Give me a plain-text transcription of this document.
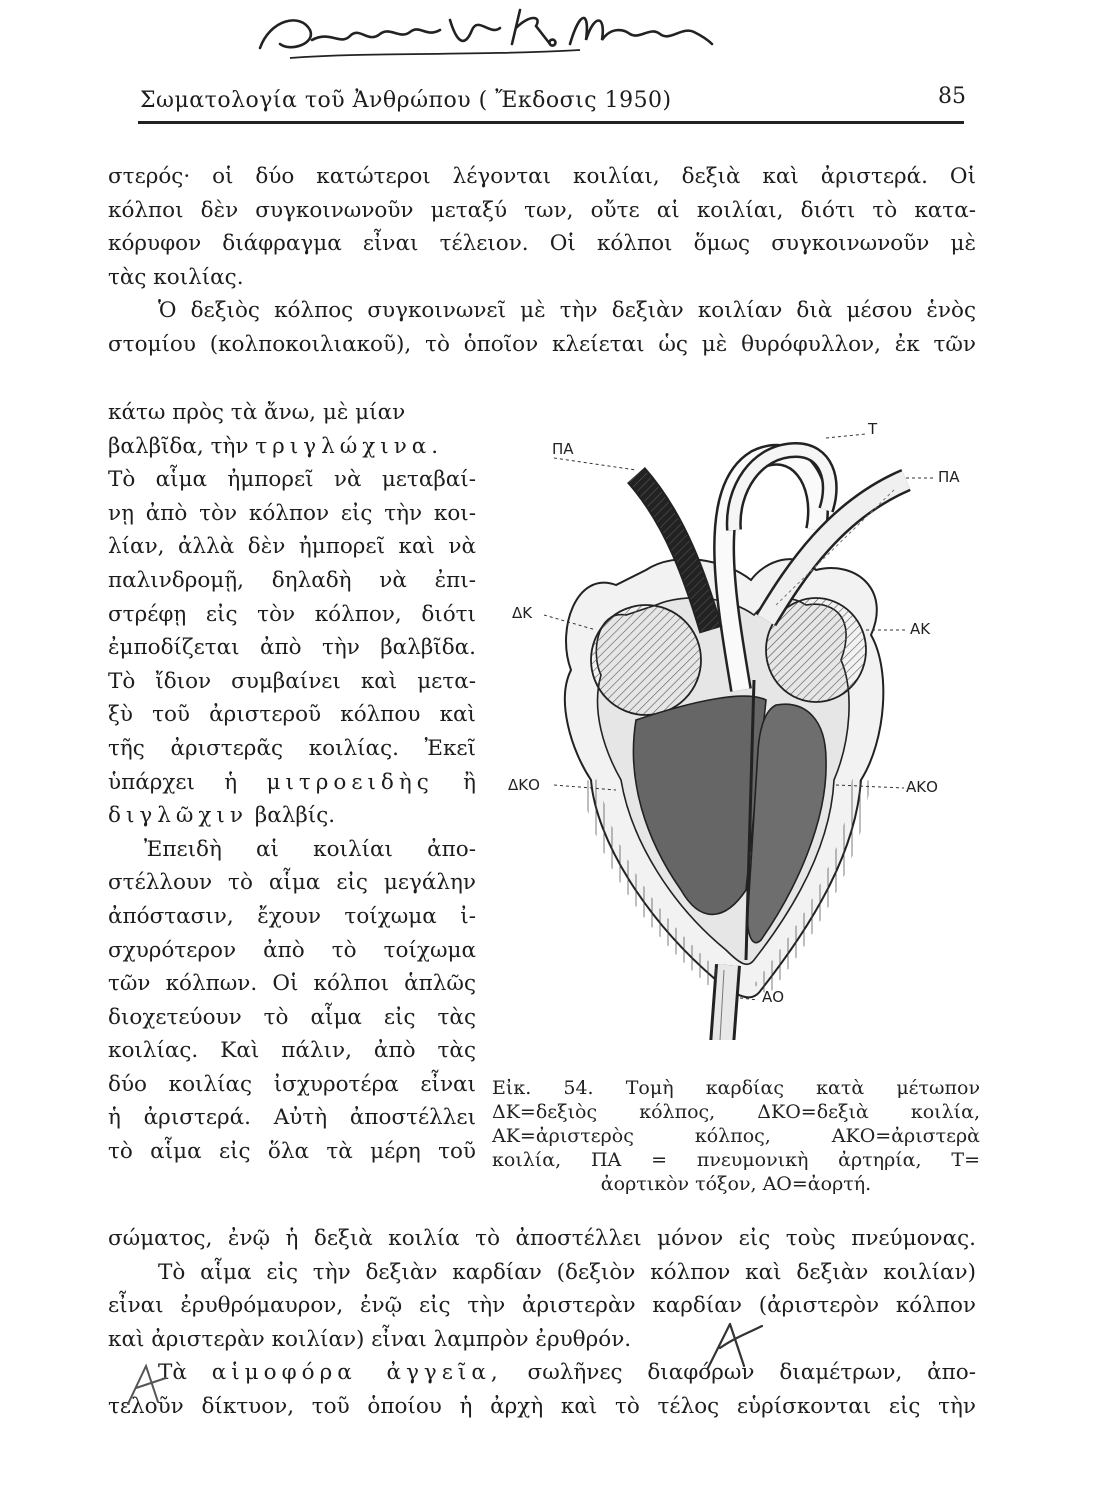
Σωματολογία τοῦ Ἀνθρώπου ( Ἔκδοσις 1950)	85
στερός· οἱ δύο κατώτεροι λέγονται κοιλίαι, δεξιὰ καὶ ἀριστερά. Οἱ
κόλποι δὲν συγκοινωνοῦν μεταξύ των, οὔτε αἱ κοιλίαι, διότι τὸ κατα-
κόρυφον διάφραγμα εἶναι τέλειον. Οἱ κόλποι ὅμως συγκοινωνοῦν μὲ
τὰς κοιλίας.
Ὁ δεξιὸς κόλπος συγκοινωνεῖ μὲ τὴν δεξιὰν κοιλίαν διὰ μέσου ἑνὸς
στομίου (κολποκοιλιακοῦ), τὸ ὁποῖον κλείεται ὡς μὲ θυρόφυλλον, ἐκ τῶν
κάτω πρὸς τὰ ἄνω, μὲ μίαν
βαλβῖδα, τὴν τριγλώχινα.
Τὸ αἷμα ἠμπορεῖ νὰ μεταβαί-
νῃ ἀπὸ τὸν κόλπον εἰς τὴν κοι-
λίαν, ἀλλὰ δὲν ἠμπορεῖ καὶ νὰ
παλινδρομῇ, δηλαδὴ νὰ ἐπι-
στρέφῃ εἰς τὸν κόλπον, διότι
ἐμποδίζεται ἀπὸ τὴν βαλβῖδα.
Τὸ ἴδιον συμβαίνει καὶ μετα-
ξὺ τοῦ ἀριστεροῦ κόλπου καὶ
τῆς ἀριστερᾶς κοιλίας. Ἐκεῖ
ὑπάρχει ἡ μιτροειδὴς ἢ
διγλῶχιν βαλβίς.
Ἐπειδὴ αἱ κοιλίαι ἀπο-
στέλλουν τὸ αἷμα εἰς μεγάλην
ἀπόστασιν, ἔχουν τοίχωμα ἰ-
σχυρότερον ἀπὸ τὸ τοίχωμα
τῶν κόλπων. Οἱ κόλποι ἁπλῶς
διοχετεύουν τὸ αἷμα εἰς τὰς
κοιλίας. Καὶ πάλιν, ἀπὸ τὰς
δύο κοιλίας ἰσχυροτέρα εἶναι
ἡ ἀριστερά. Αὐτὴ ἀποστέλλει
τὸ αἷμα εἰς ὅλα τὰ μέρη τοῦ
ΠΑ
Τ
ΠΑ
ΔΚ
ΑΚ
ΔΚΟ	ΑΚΟ
ΑΟ
Εἰκ. 54. Τομὴ καρδίας κατὰ μέτωπον
ΔΚ=δεξιὸς κόλπος, ΔΚΟ=δεξιὰ κοιλία,
ΑΚ=ἀριστερὸς κόλπος, ΑΚΟ=ἀριστερὰ
κοιλία, ΠΑ = πνευμονικὴ ἀρτηρία, Τ=
ἀορτικὸν τόξον, ΑΟ=ἀορτή.
σώματος, ἐνῷ ἡ δεξιὰ κοιλία τὸ ἀποστέλλει μόνον εἰς τοὺς πνεύμονας.
Τὸ αἷμα εἰς τὴν δεξιὰν καρδίαν (δεξιὸν κόλπον καὶ δεξιὰν κοιλίαν)
εἶναι ἐρυθρόμαυρον, ἐνῷ εἰς τὴν ἀριστερὰν καρδίαν (ἀριστερὸν κόλπον
καὶ ἀριστερὰν κοιλίαν) εἶναι λαμπρὸν ἐρυθρόν.
Τὰ αἱμοφόρα ἀγγεῖα, σωλῆνες διαφόρων διαμέτρων, ἀπο-
τελοῦν δίκτυον, τοῦ ὁποίου ἡ ἀρχὴ καὶ τὸ τέλος εὑρίσκονται εἰς τὴν
